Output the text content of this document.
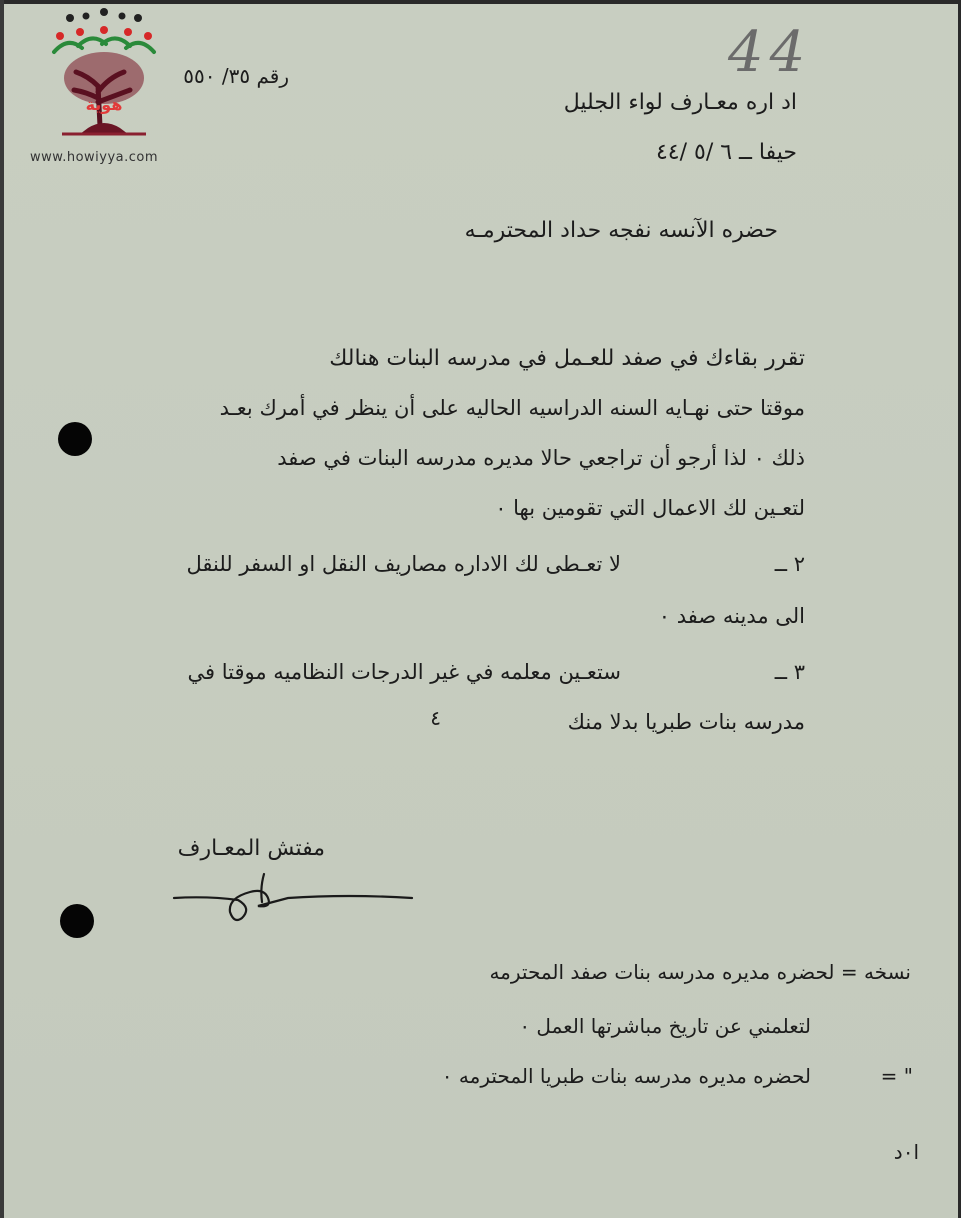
هوية
www.howiyya.com
44
رقم ٣٥/ ٥٥٠
اد اره معـارف لواء الجليل
حيفا ــ ٦ /٥ /٤٤
حضره الآنسه نفجه حداد المحترمـه
تقرر بقاءك في صفد للعـمل في مدرسه البنات هنالك
موقتا حتى نهـايه السنه الدراسيه الحاليه على أن ينظر في أمرك بعـد
ذلك ٠ لذا أرجو أن تراجعي حالا مديره مدرسه البنات في صفد
لتعـين لك الاعمال التي تقومين بها ٠
٢ ــ
لا تعـطى لك الاداره مصاريف النقل او السفر للنقل
الى مدينه صفد ٠
٣ ــ
ستعـين معلمه في غير الدرجات النظاميه موقتا في
مدرسه بنات طبريا بدلا منك
٤
مفتش المعـارف
نسخه = لحضره مديره مدرسه بنات صفد المحترمه
لتعلمني عن تاريخ مباشرتها العمل ٠
" =
لحضره مديره مدرسه بنات طبريا المحترمه ٠
ا٠د
